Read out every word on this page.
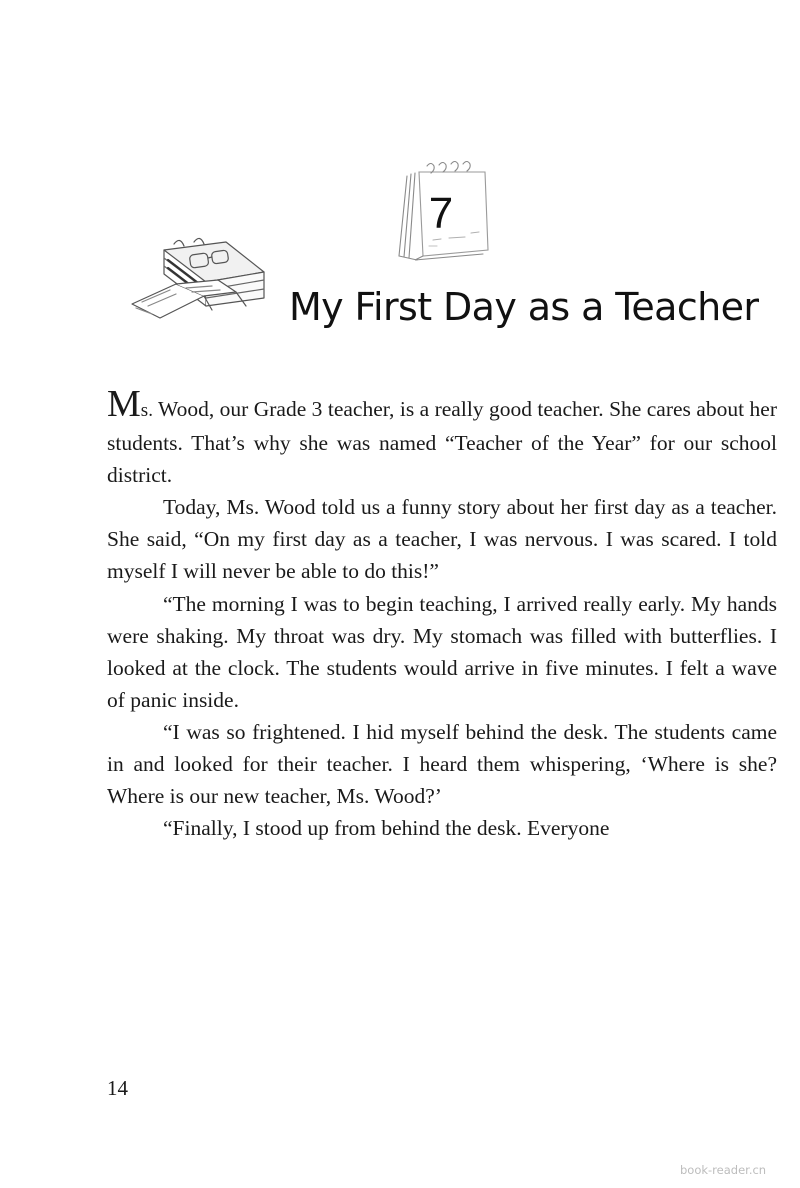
7
My First Day as a Teacher

Ms. Wood, our Grade 3 teacher, is a really good teacher. She cares about her students. That’s why she was named “Teacher of the Year” for our school district.

Today, Ms. Wood told us a funny story about her first day as a teacher. She said, “On my first day as a teacher, I was nervous. I was scared. I told myself I will never be able to do this!”

“The morning I was to begin teaching, I arrived really early. My hands were shaking. My throat was dry. My stomach was filled with butterflies. I looked at the clock. The students would arrive in five minutes. I felt a wave of panic inside.

“I was so frightened. I hid myself behind the desk. The students came in and looked for their teacher. I heard them whispering, ‘Where is she? Where is our new teacher, Ms. Wood?’

“Finally, I stood up from behind the desk. Everyone

14
book-reader.cn
